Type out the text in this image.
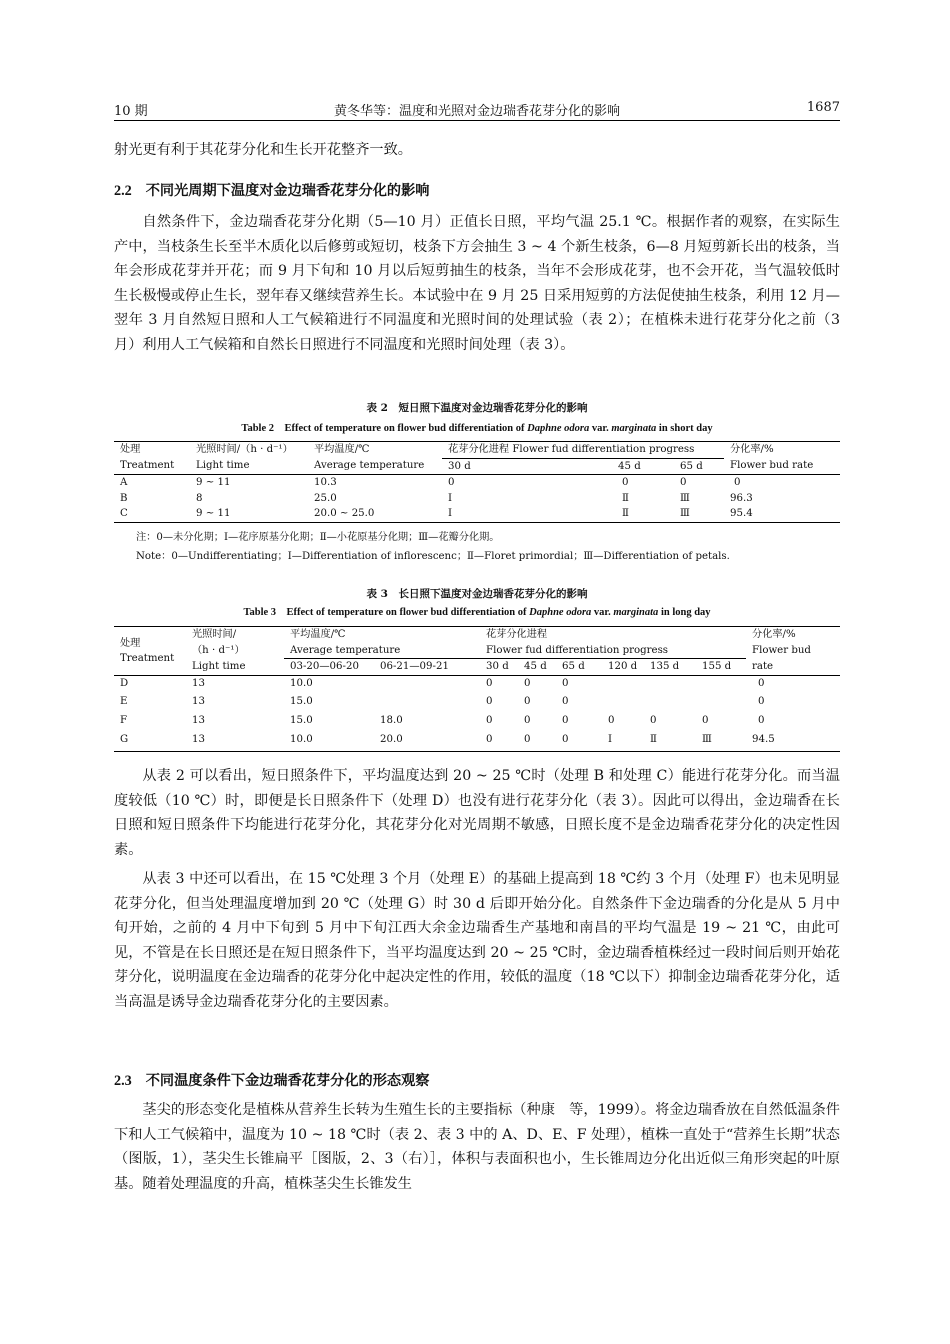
10 期	黄冬华等：温度和光照对金边瑞香花芽分化的影响	1687
射光更有利于其花芽分化和生长开花整齐一致。
2.2 不同光周期下温度对金边瑞香花芽分化的影响
自然条件下，金边瑞香花芽分化期（5—10 月）正值长日照，平均气温 25.1 ℃。根据作者的观察，在实际生产中，当枝条生长至半木质化以后修剪或短切，枝条下方会抽生 3 ~ 4 个新生枝条，6—8 月短剪新长出的枝条，当年会形成花芽并开花；而 9 月下旬和 10 月以后短剪抽生的枝条，当年不会形成花芽，也不会开花，当气温较低时生长极慢或停止生长，翌年春又继续营养生长。本试验中在 9 月 25 日采用短剪的方法促使抽生枝条，利用 12 月—翌年 3 月自然短日照和人工气候箱进行不同温度和光照时间的处理试验（表 2）；在植株未进行花芽分化之前（3 月）利用人工气候箱和自然长日照进行不同温度和光照时间处理（表 3）。
表 2　短日照下温度对金边瑞香花芽分化的影响
Table 2　Effect of temperature on flower bud differentiation of Daphne odora var. marginata in short day
处理	光照时间/（h · d⁻¹）	平均温度/℃	花芽分化进程 Flower fud differentiation progress			分化率/%
Treatment	Light time	Average temperature	30 d	45 d	65 d	Flower bud rate
A	9 ~ 11	10.3	0	0	0	0
B	8	25.0	Ⅰ	Ⅱ	Ⅲ	96.3
C	9 ~ 11	20.0 ~ 25.0	Ⅰ	Ⅱ	Ⅲ	95.4
注：0—未分化期；Ⅰ—花序原基分化期；Ⅱ—小花原基分化期；Ⅲ—花瓣分化期。
Note：0—Undifferentiating；Ⅰ—Differentiation of inflorescenc；Ⅱ—Floret primordial；Ⅲ—Differentiation of petals.
表 3　长日照下温度对金边瑞香花芽分化的影响
Table 3　Effect of temperature on flower bud differentiation of Daphne odora var. marginata in long day
处理
Treatment	光照时间/	平均温度/℃		花芽分化进程						分化率/%
	（h · d⁻¹）	Average temperature		Flower fud differentiation progress						Flower bud
	Light time	03-20—06-20	06-21—09-21	30 d	45 d	65 d	120 d	135 d	155 d	rate
D	13	10.0		0	0	0				0
E	13	15.0		0	0	0				0
F	13	15.0	18.0	0	0	0	0	0	0	0
G	13	10.0	20.0	0	0	0	Ⅰ	Ⅱ	Ⅲ	94.5
从表 2 可以看出，短日照条件下，平均温度达到 20 ~ 25 ℃时（处理 B 和处理 C）能进行花芽分化。而当温度较低（10 ℃）时，即便是长日照条件下（处理 D）也没有进行花芽分化（表 3）。因此可以得出，金边瑞香在长日照和短日照条件下均能进行花芽分化，其花芽分化对光周期不敏感，日照长度不是金边瑞香花芽分化的决定性因素。
从表 3 中还可以看出，在 15 ℃处理 3 个月（处理 E）的基础上提高到 18 ℃约 3 个月（处理 F）也未见明显花芽分化，但当处理温度增加到 20 ℃（处理 G）时 30 d 后即开始分化。自然条件下金边瑞香的分化是从 5 月中旬开始，之前的 4 月中下旬到 5 月中下旬江西大余金边瑞香生产基地和南昌的平均气温是 19 ~ 21 ℃，由此可见，不管是在长日照还是在短日照条件下，当平均温度达到 20 ~ 25 ℃时，金边瑞香植株经过一段时间后则开始花芽分化，说明温度在金边瑞香的花芽分化中起决定性的作用，较低的温度（18 ℃以下）抑制金边瑞香花芽分化，适当高温是诱导金边瑞香花芽分化的主要因素。
2.3 不同温度条件下金边瑞香花芽分化的形态观察
茎尖的形态变化是植株从营养生长转为生殖生长的主要指标（种康　等，1999）。将金边瑞香放在自然低温条件下和人工气候箱中，温度为 10 ~ 18 ℃时（表 2、表 3 中的 A、D、E、F 处理），植株一直处于“营养生长期”状态（图版，1），茎尖生长锥扁平［图版，2、3（右）］，体积与表面积也小，生长锥周边分化出近似三角形突起的叶原基。随着处理温度的升高，植株茎尖生长锥发生
